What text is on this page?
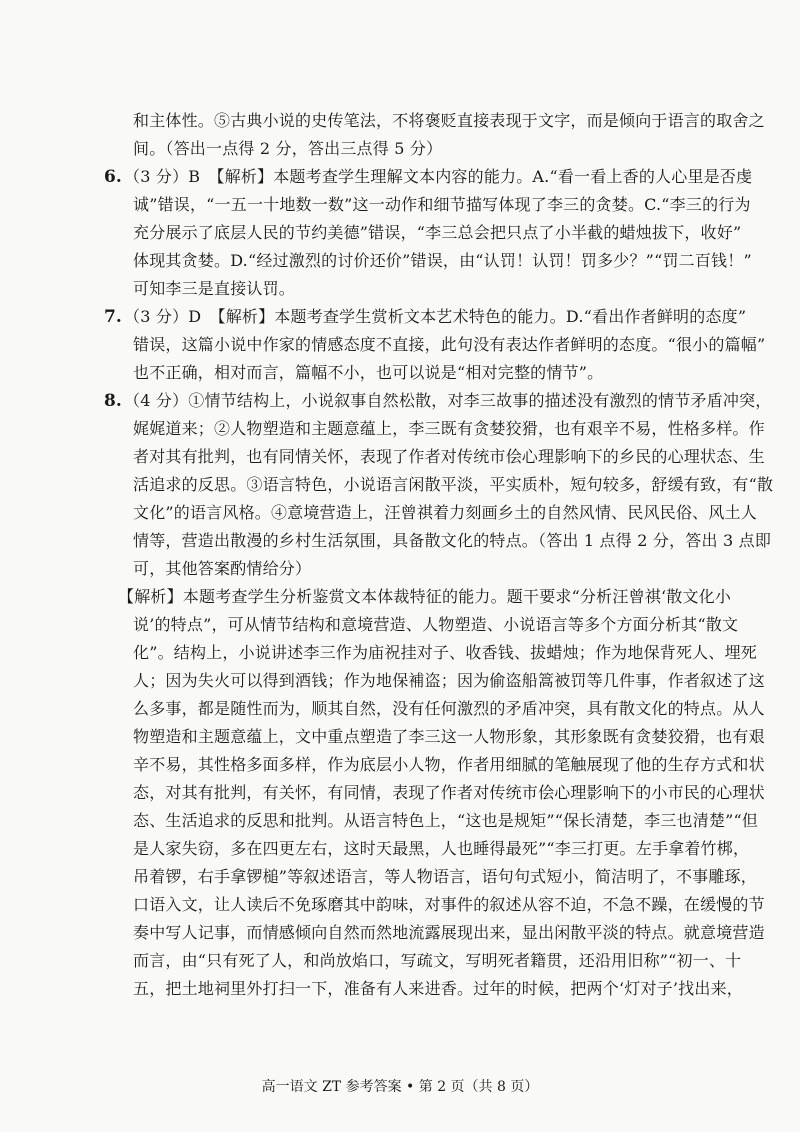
和主体性。⑤古典小说的史传笔法，不将褒贬直接表现于文字，而是倾向于语言的取舍之
间。（答出一点得 2 分，答出三点得 5 分）
6. （3 分）B　【解析】本题考查学生理解文本内容的能力。A.“看一看上香的人心里是否虔
诚”错误，“一五一十地数一数”这一动作和细节描写体现了李三的贪婪。C.“李三的行为
充分展示了底层人民的节约美德”错误，“李三总会把只点了小半截的蜡烛拔下，收好”
体现其贪婪。D.“经过激烈的讨价还价”错误，由“认罚！认罚！罚多少？”“罚二百钱！”
可知李三是直接认罚。
7. （3 分）D　【解析】本题考查学生赏析文本艺术特色的能力。D.“看出作者鲜明的态度”
错误，这篇小说中作家的情感态度不直接，此句没有表达作者鲜明的态度。“很小的篇幅”
也不正确，相对而言，篇幅不小，也可以说是“相对完整的情节”。
8. （4 分）①情节结构上，小说叙事自然松散，对李三故事的描述没有激烈的情节矛盾冲突，
娓娓道来；②人物塑造和主题意蕴上，李三既有贪婪狡猾，也有艰辛不易，性格多样。作
者对其有批判，也有同情关怀，表现了作者对传统市侩心理影响下的乡民的心理状态、生
活追求的反思。③语言特色，小说语言闲散平淡，平实质朴，短句较多，舒缓有致，有“散
文化”的语言风格。④意境营造上，汪曾祺着力刻画乡土的自然风情、民风民俗、风土人
情等，营造出散漫的乡村生活氛围，具备散文化的特点。（答出 1 点得 2 分，答出 3 点即
可，其他答案酌情给分）
【解析】本题考查学生分析鉴赏文本体裁特征的能力。题干要求“分析汪曾祺‘散文化小
说’的特点”，可从情节结构和意境营造、人物塑造、小说语言等多个方面分析其“散文
化”。结构上，小说讲述李三作为庙祝挂对子、收香钱、拔蜡烛；作为地保背死人、埋死
人；因为失火可以得到酒钱；作为地保補盗；因为偷盗船篙被罚等几件事，作者叙述了这
么多事，都是随性而为，顺其自然，没有任何激烈的矛盾冲突，具有散文化的特点。从人
物塑造和主题意蕴上，文中重点塑造了李三这一人物形象，其形象既有贪婪狡猾，也有艰
辛不易，其性格多面多样，作为底层小人物，作者用细腻的笔触展现了他的生存方式和状
态，对其有批判，有关怀，有同情，表现了作者对传统市侩心理影响下的小市民的心理状
态、生活追求的反思和批判。从语言特色上，“这也是规矩”“保长清楚，李三也清楚”“但
是人家失窃，多在四更左右，这时天最黑，人也睡得最死”“李三打更。左手拿着竹梆，
吊着锣，右手拿锣槌”等叙述语言，等人物语言，语句句式短小，简洁明了，不事雕琢，
口语入文，让人读后不免琢磨其中韵味，对事件的叙述从容不迫，不急不躁，在缓慢的节
奏中写人记事，而情感倾向自然而然地流露展现出来，显出闲散平淡的特点。就意境营造
而言，由“只有死了人，和尚放焰口，写疏文，写明死者籍贯，还沿用旧称”“初一、十
五，把土地祠里外打扫一下，准备有人来进香。过年的时候，把两个‘灯对子’找出来，
高一语文 ZT 参考答案 • 第 2 页（共 8 页）
